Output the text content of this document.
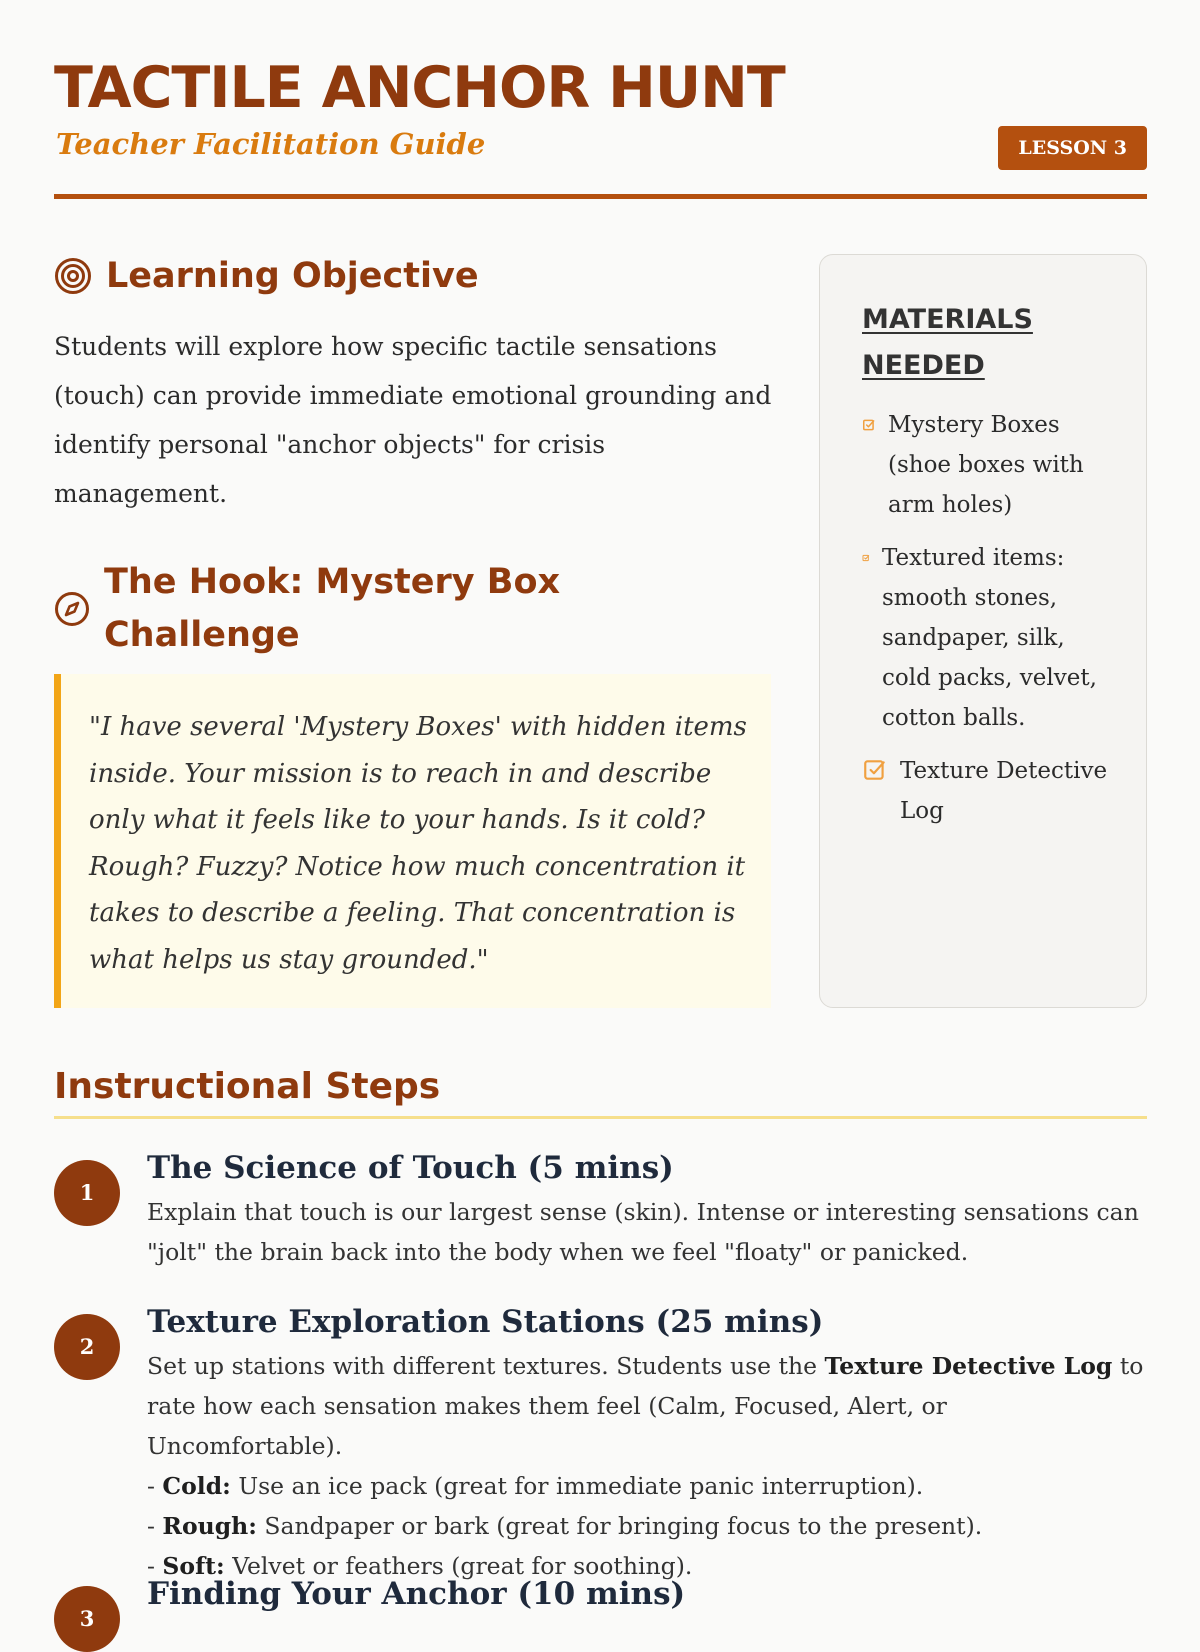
TACTILE ANCHOR HUNT
Teacher Facilitation Guide	LESSON 3
Learning Objective

Students will explore how specific tactile sensations (touch) can provide immediate emotional grounding and identify personal "anchor objects" for crisis management.

The Hook: Mystery Box Challenge

"I have several 'Mystery Boxes' with hidden items inside. Your mission is to reach in and describe only what it feels like to your hands. Is it cold? Rough? Fuzzy? Notice how much concentration it takes to describe a feeling. That concentration is what helps us stay grounded."

MATERIALS NEEDED
Mystery Boxes (shoe boxes with arm holes)
Textured items: smooth stones, sandpaper, silk, cold packs, velvet, cotton balls.
Texture Detective Log
Instructional Steps
1
The Science of Touch (5 mins)

Explain that touch is our largest sense (skin). Intense or interesting sensations can "jolt" the brain back into the body when we feel "floaty" or panicked.

2
Texture Exploration Stations (25 mins)

Set up stations with different textures. Students use the Texture Detective Log to rate how each sensation makes them feel (Calm, Focused, Alert, or Uncomfortable).

- Cold: Use an ice pack (great for immediate panic interruption).
- Rough: Sandpaper or bark (great for bringing focus to the present).
- Soft: Velvet or feathers (great for soothing).
3
Finding Your Anchor (10 mins)
